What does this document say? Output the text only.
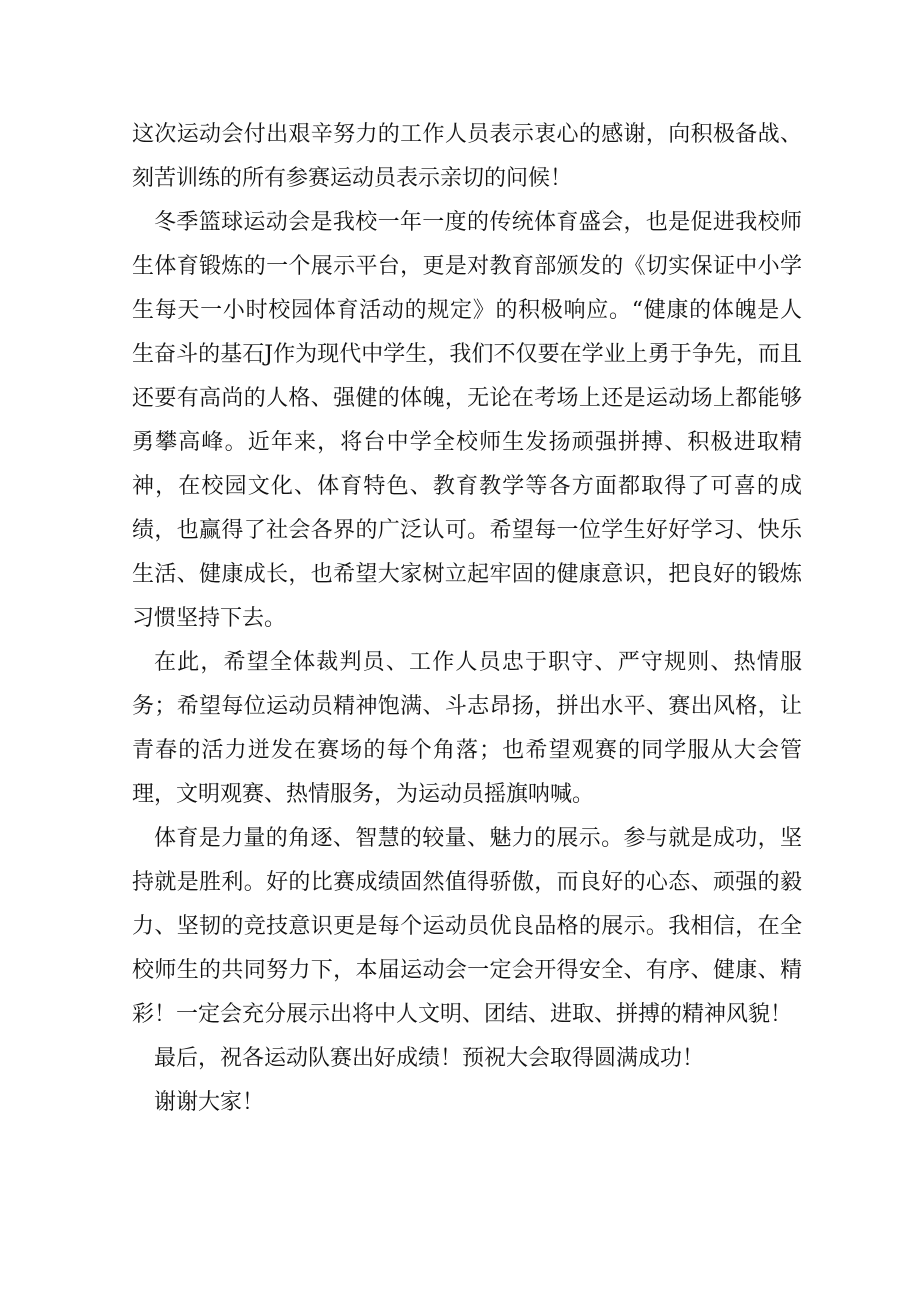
这次运动会付出艰辛努力的工作人员表示衷心的感谢，向积极备战、刻苦训练的所有参赛运动员表示亲切的问候！

冬季篮球运动会是我校一年一度的传统体育盛会，也是促进我校师生体育锻炼的一个展示平台，更是对教育部颁发的《切实保证中小学生每天一小时校园体育活动的规定》的积极响应。“健康的体魄是人生奋斗的基石J作为现代中学生，我们不仅要在学业上勇于争先，而且还要有高尚的人格、强健的体魄，无论在考场上还是运动场上都能够勇攀高峰。近年来，将台中学全校师生发扬顽强拼搏、积极进取精神，在校园文化、体育特色、教育教学等各方面都取得了可喜的成绩，也赢得了社会各界的广泛认可。希望每一位学生好好学习、快乐生活、健康成长，也希望大家树立起牢固的健康意识，把良好的锻炼习惯坚持下去。

在此，希望全体裁判员、工作人员忠于职守、严守规则、热情服务；希望每位运动员精神饱满、斗志昂扬，拼出水平、赛出风格，让青春的活力迸发在赛场的每个角落；也希望观赛的同学服从大会管理，文明观赛、热情服务，为运动员摇旗呐喊。

体育是力量的角逐、智慧的较量、魅力的展示。参与就是成功，坚持就是胜利。好的比赛成绩固然值得骄傲，而良好的心态、顽强的毅力、坚韧的竞技意识更是每个运动员优良品格的展示。我相信，在全校师生的共同努力下，本届运动会一定会开得安全、有序、健康、精彩！一定会充分展示出将中人文明、团结、进取、拼搏的精神风貌！

最后，祝各运动队赛出好成绩！预祝大会取得圆满成功！

谢谢大家！
